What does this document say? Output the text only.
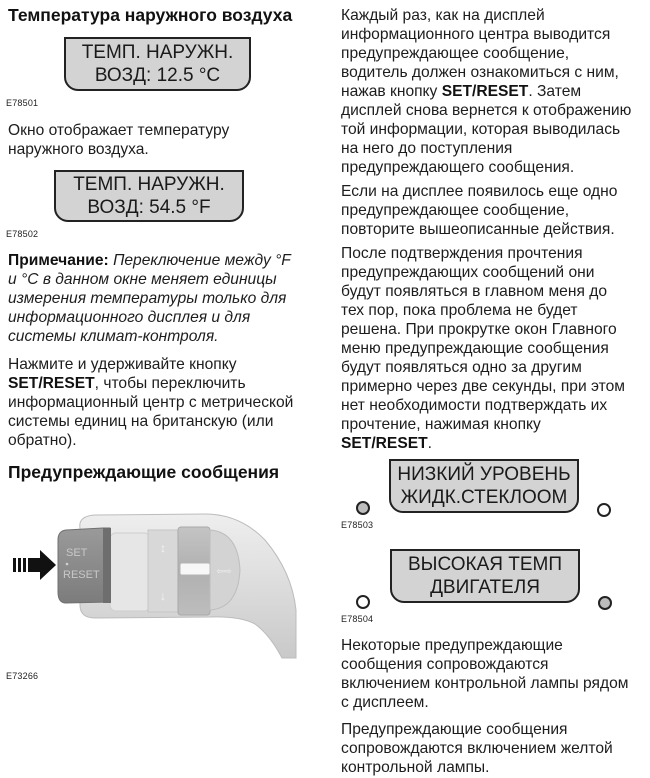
Температура наружного воздуха
ТЕМП. НАРУЖН.
ВОЗД: 12.5 °C
E78501
Окно отображает температуру
наружного воздуха.
ТЕМП. НАРУЖН.
ВОЗД: 54.5 °F
E78502
Примечание: Переключение между °F
и °C в данном окне меняет единицы
измерения температуры только для
информационного дисплея и для
системы климат-контроля.
Нажмите и удерживайте кнопку
SET/RESET, чтобы переключить
информационный центр с метрической
системы единиц на британскую (или
обратно).
Предупреждающие сообщения
↕
↓
⇦⇨
SET
RESET
E73266
Каждый раз, как на дисплей
информационного центра выводится
предупреждающее сообщение,
водитель должен ознакомиться с ним,
нажав кнопку SET/RESET. Затем
дисплей снова вернется к отображению
той информации, которая выводилась
на него до поступления
предупреждающего сообщения.
Если на дисплее появилось еще одно
предупреждающее сообщение,
повторите вышеописанные действия.
После подтверждения прочтения
предупреждающих сообщений они
будут появляться в главном меня до
тех пор, пока проблема не будет
решена. При прокрутке окон Главного
меню предупреждающие сообщения
будут появляться одно за другим
примерно через две секунды, при этом
нет необходимости подтверждать их
прочтение, нажимая кнопку
SET/RESET.
НИЗКИЙ УРОВЕНЬ
ЖИДК.СТЕКЛООМ
E78503
ВЫСОКАЯ ТЕМП
ДВИГАТЕЛЯ
E78504
Некоторые предупреждающие
сообщения сопровождаются
включением контрольной лампы рядом
с дисплеем.
Предупреждающие сообщения
сопровождаются включением желтой
контрольной лампы.
